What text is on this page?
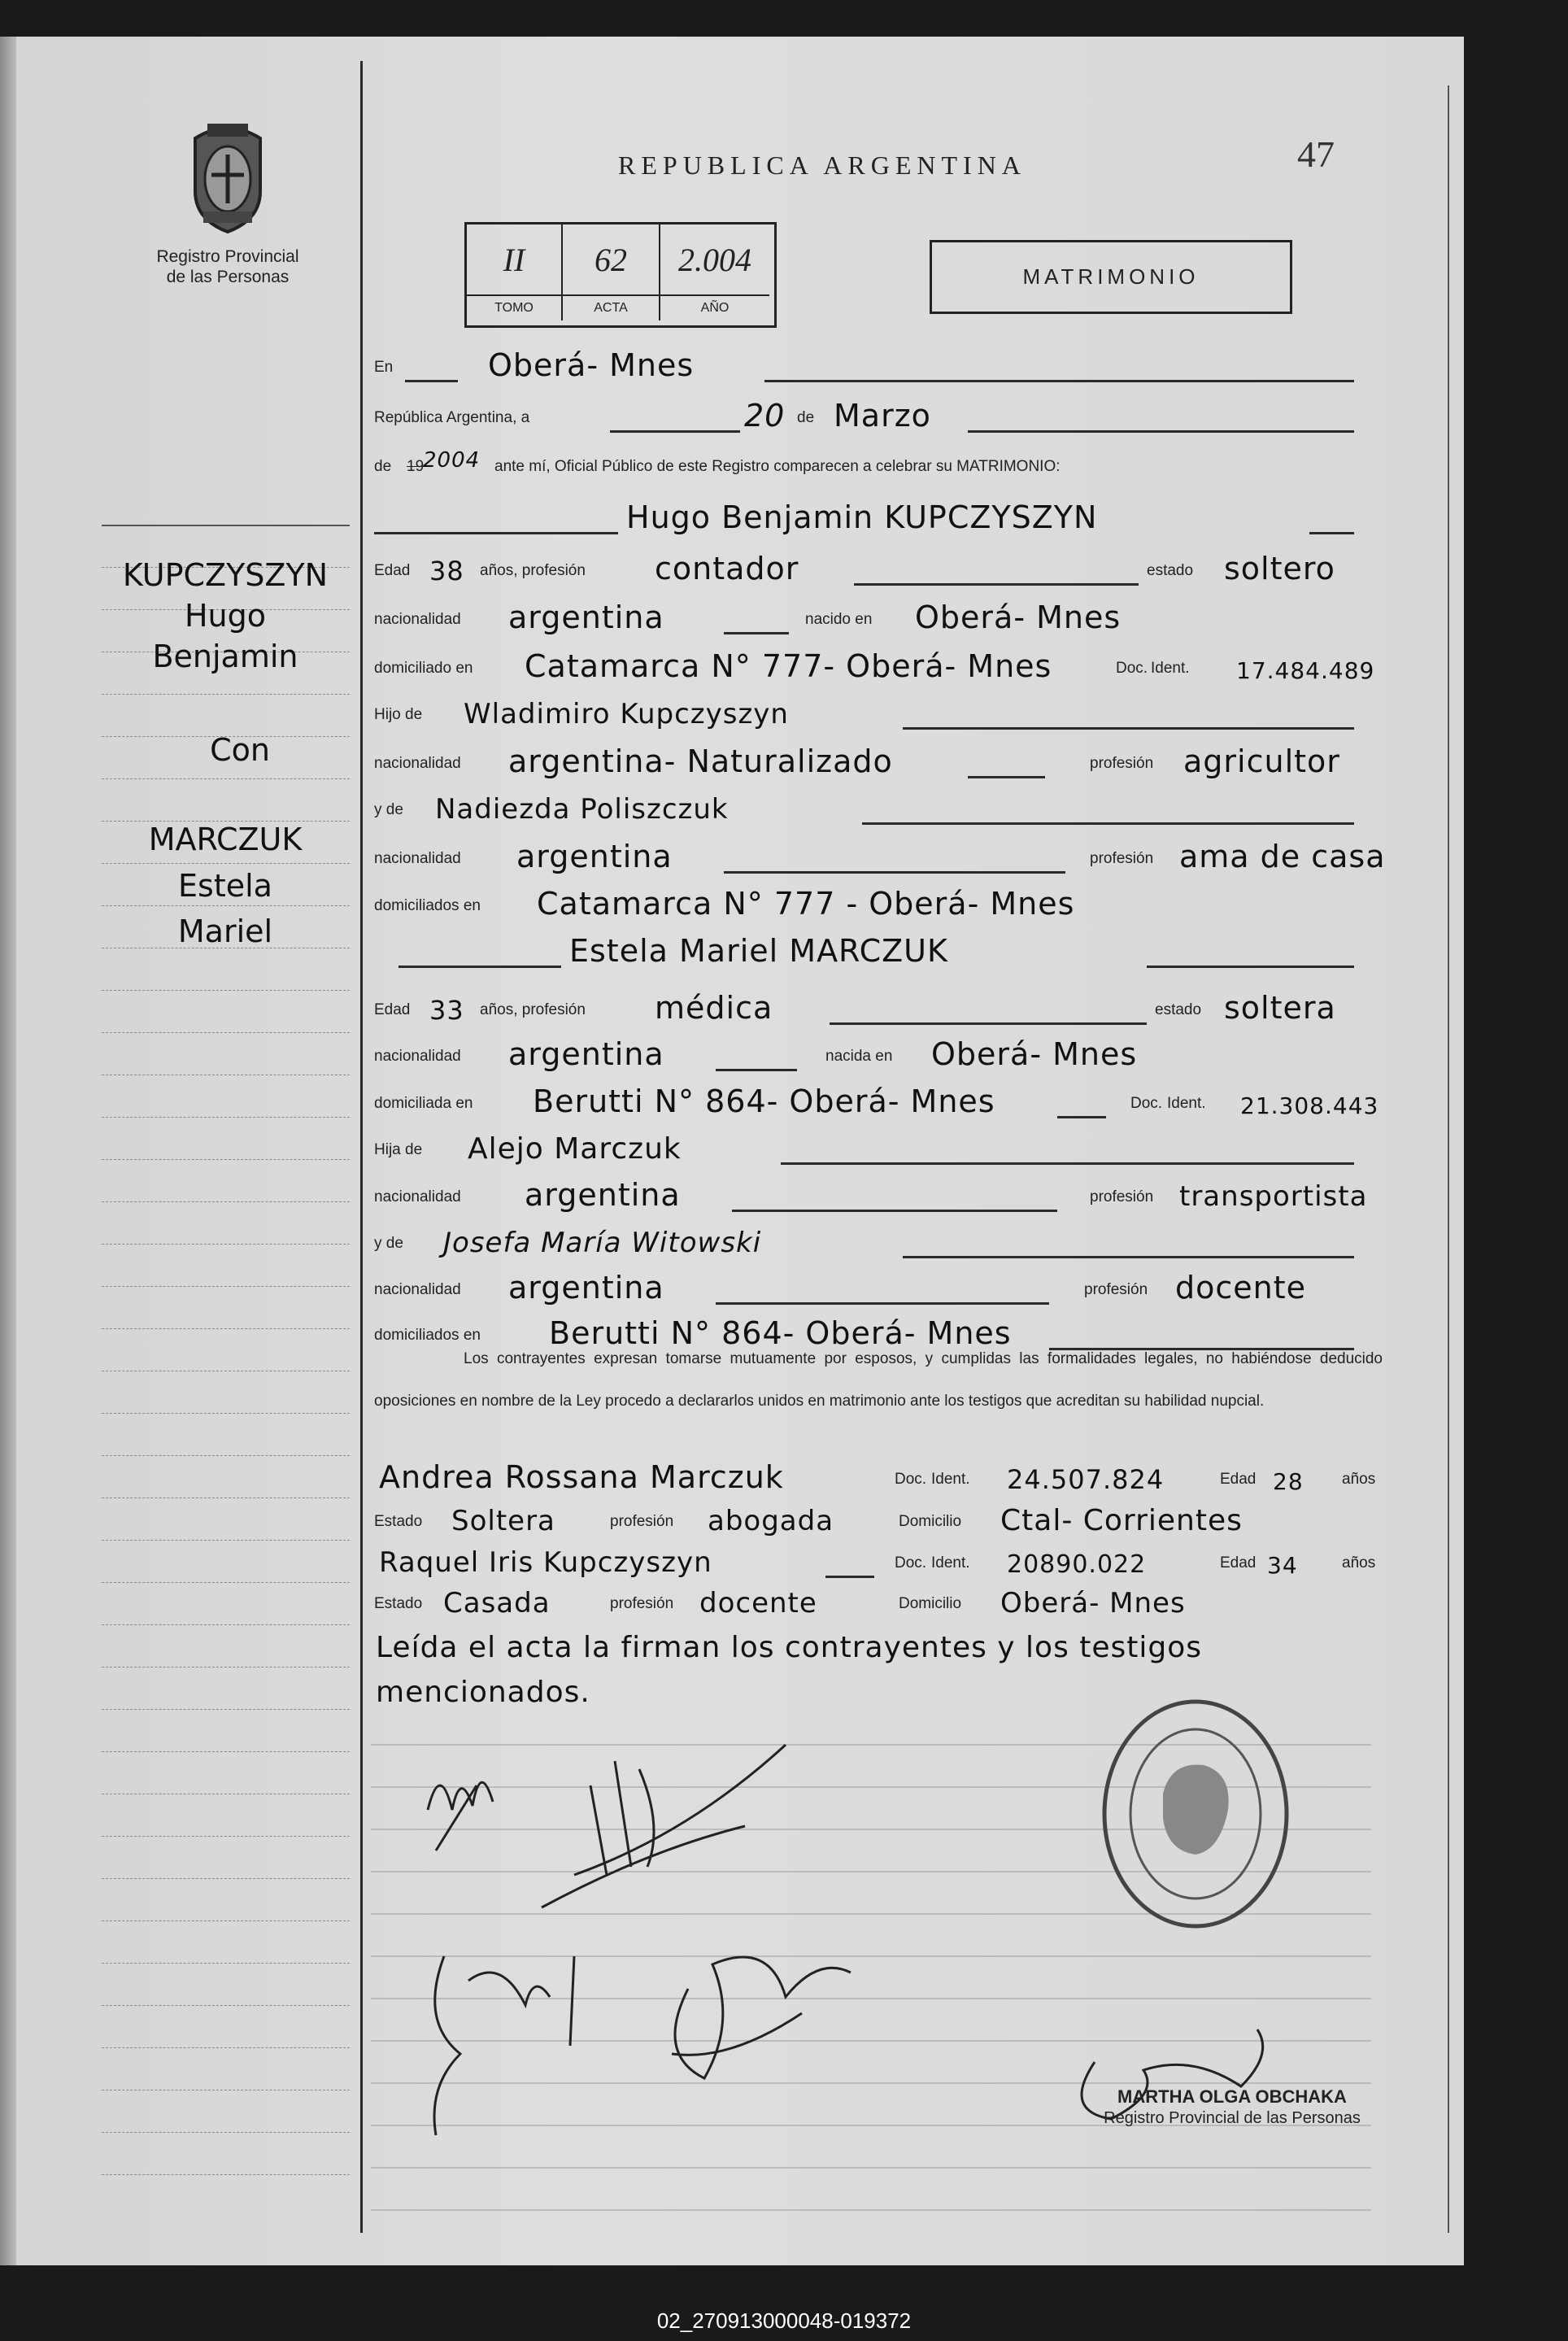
KUPCZYSZYN
Hugo
Benjamin
Con
MARCZUK
Estela
Mariel
Registro Provincial
de las Personas
REPUBLICA ARGENTINA	47
II	62	2.004
TOMO	ACTA	AÑO
MATRIMONIO
En	Oberá- Mnes
República Argentina, a	20 de Marzo
de 19
2004 ante mí, Oficial Público de este Registro comparecen a celebrar su MATRIMONIO:
Hugo Benjamin KUPCZYSZYN
Edad 38 años, profesión contador	estado soltero
nacionalidad argentina	nacido en Oberá- Mnes
domiciliado en Catamarca N° 777- Oberá- Mnes	Doc. Ident. 17.484.489
Hijo de Wladimiro Kupczyszyn
nacionalidad argentina- Naturalizado	profesión agricultor
y de Nadiezda Poliszczuk
nacionalidad argentina	profesión ama de casa
domiciliados en Catamarca N° 777 - Oberá- Mnes
Estela Mariel MARCZUK
Edad 33 años, profesión médica	estado soltera
nacionalidad argentina	nacida en Oberá- Mnes
domiciliada en Berutti N° 864- Oberá- Mnes	Doc. Ident. 21.308.443
Hija de Alejo Marczuk
nacionalidad argentina	profesión transportista
y de Josefa María Witowski
nacionalidad argentina	profesión docente
domiciliados en Berutti N° 864- Oberá- Mnes
Los contrayentes expresan tomarse mutuamente por esposos, y cumplidas las formalidades legales, no habiéndose deducido oposiciones en nombre de la Ley procedo a declararlos unidos en matrimonio ante los testigos que acreditan su habilidad nupcial.
Andrea Rossana Marczuk	Doc. Ident. 24.507.824	Edad 28 años
Estado Soltera	profesión abogada	Domicilio Ctal- Corrientes
Raquel Iris Kupczyszyn	Doc. Ident. 20890.022	Edad 34	años
Estado Casada	profesión docente	Domicilio Oberá- Mnes
Leída el acta la firman los contrayentes y los testigos
mencionados.
MARTHA OLGA OBCHAKA
Registro Provincial de las Personas
02_270913000048-019372
